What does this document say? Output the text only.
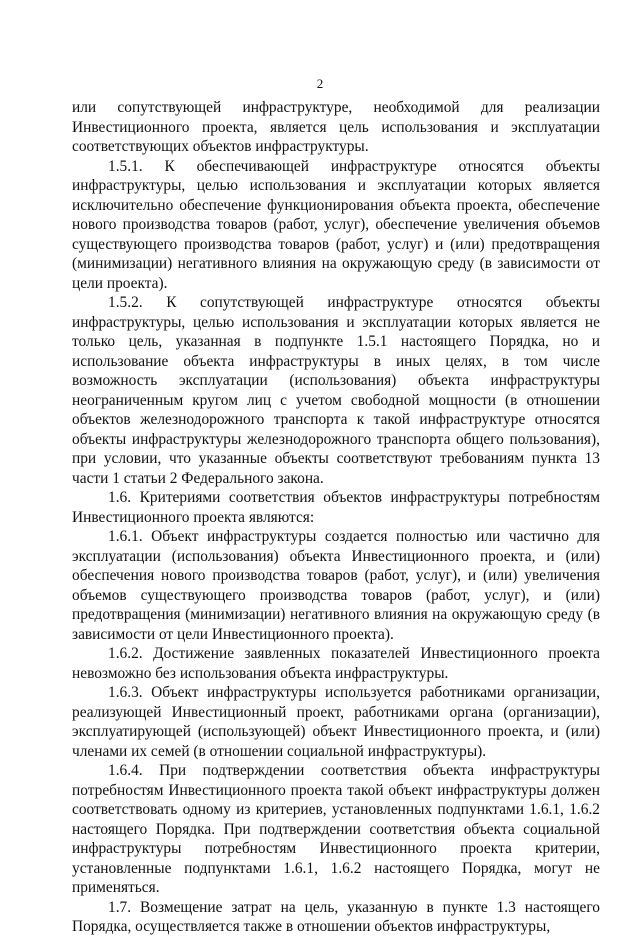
2

или сопутствующей инфраструктуре, необходимой для реализации Инвестиционного проекта, является цель использования и эксплуатации соответствующих объектов инфраструктуры.

1.5.1. К обеспечивающей инфраструктуре относятся объекты инфраструктуры, целью использования и эксплуатации которых является исключительно обеспечение функционирования объекта проекта, обеспечение нового производства товаров (работ, услуг), обеспечение увеличения объемов существующего производства товаров (работ, услуг) и (или) предотвращения (минимизации) негативного влияния на окружающую среду (в зависимости от цели проекта).

1.5.2. К сопутствующей инфраструктуре относятся объекты инфраструктуры, целью использования и эксплуатации которых является не только цель, указанная в подпункте 1.5.1 настоящего Порядка, но и использование объекта инфраструктуры в иных целях, в том числе возможность эксплуатации (использования) объекта инфраструктуры неограниченным кругом лиц с учетом свободной мощности (в отношении объектов железнодорожного транспорта к такой инфраструктуре относятся объекты инфраструктуры железнодорожного транспорта общего пользования), при условии, что указанные объекты соответствуют требованиям пункта 13 части 1 статьи 2 Федерального закона.

1.6. Критериями соответствия объектов инфраструктуры потребностям Инвестиционного проекта являются:

1.6.1. Объект инфраструктуры создается полностью или частично для эксплуатации (использования) объекта Инвестиционного проекта, и (или) обеспечения нового производства товаров (работ, услуг), и (или) увеличения объемов существующего производства товаров (работ, услуг), и (или) предотвращения (минимизации) негативного влияния на окружающую среду (в зависимости от цели Инвестиционного проекта).

1.6.2. Достижение заявленных показателей Инвестиционного проекта невозможно без использования объекта инфраструктуры.

1.6.3. Объект инфраструктуры используется работниками организации, реализующей Инвестиционный проект, работниками органа (организации), эксплуатирующей (использующей) объект Инвестиционного проекта, и (или) членами их семей (в отношении социальной инфраструктуры).

1.6.4. При подтверждении соответствия объекта инфраструктуры потребностям Инвестиционного проекта такой объект инфраструктуры должен соответствовать одному из критериев, установленных подпунктами 1.6.1, 1.6.2 настоящего Порядка. При подтверждении соответствия объекта социальной инфраструктуры потребностям Инвестиционного проекта критерии, установленные подпунктами 1.6.1, 1.6.2 настоящего Порядка, могут не применяться.

1.7. Возмещение затрат на цель, указанную в пункте 1.3 настоящего Порядка, осуществляется также в отношении объектов инфраструктуры,
